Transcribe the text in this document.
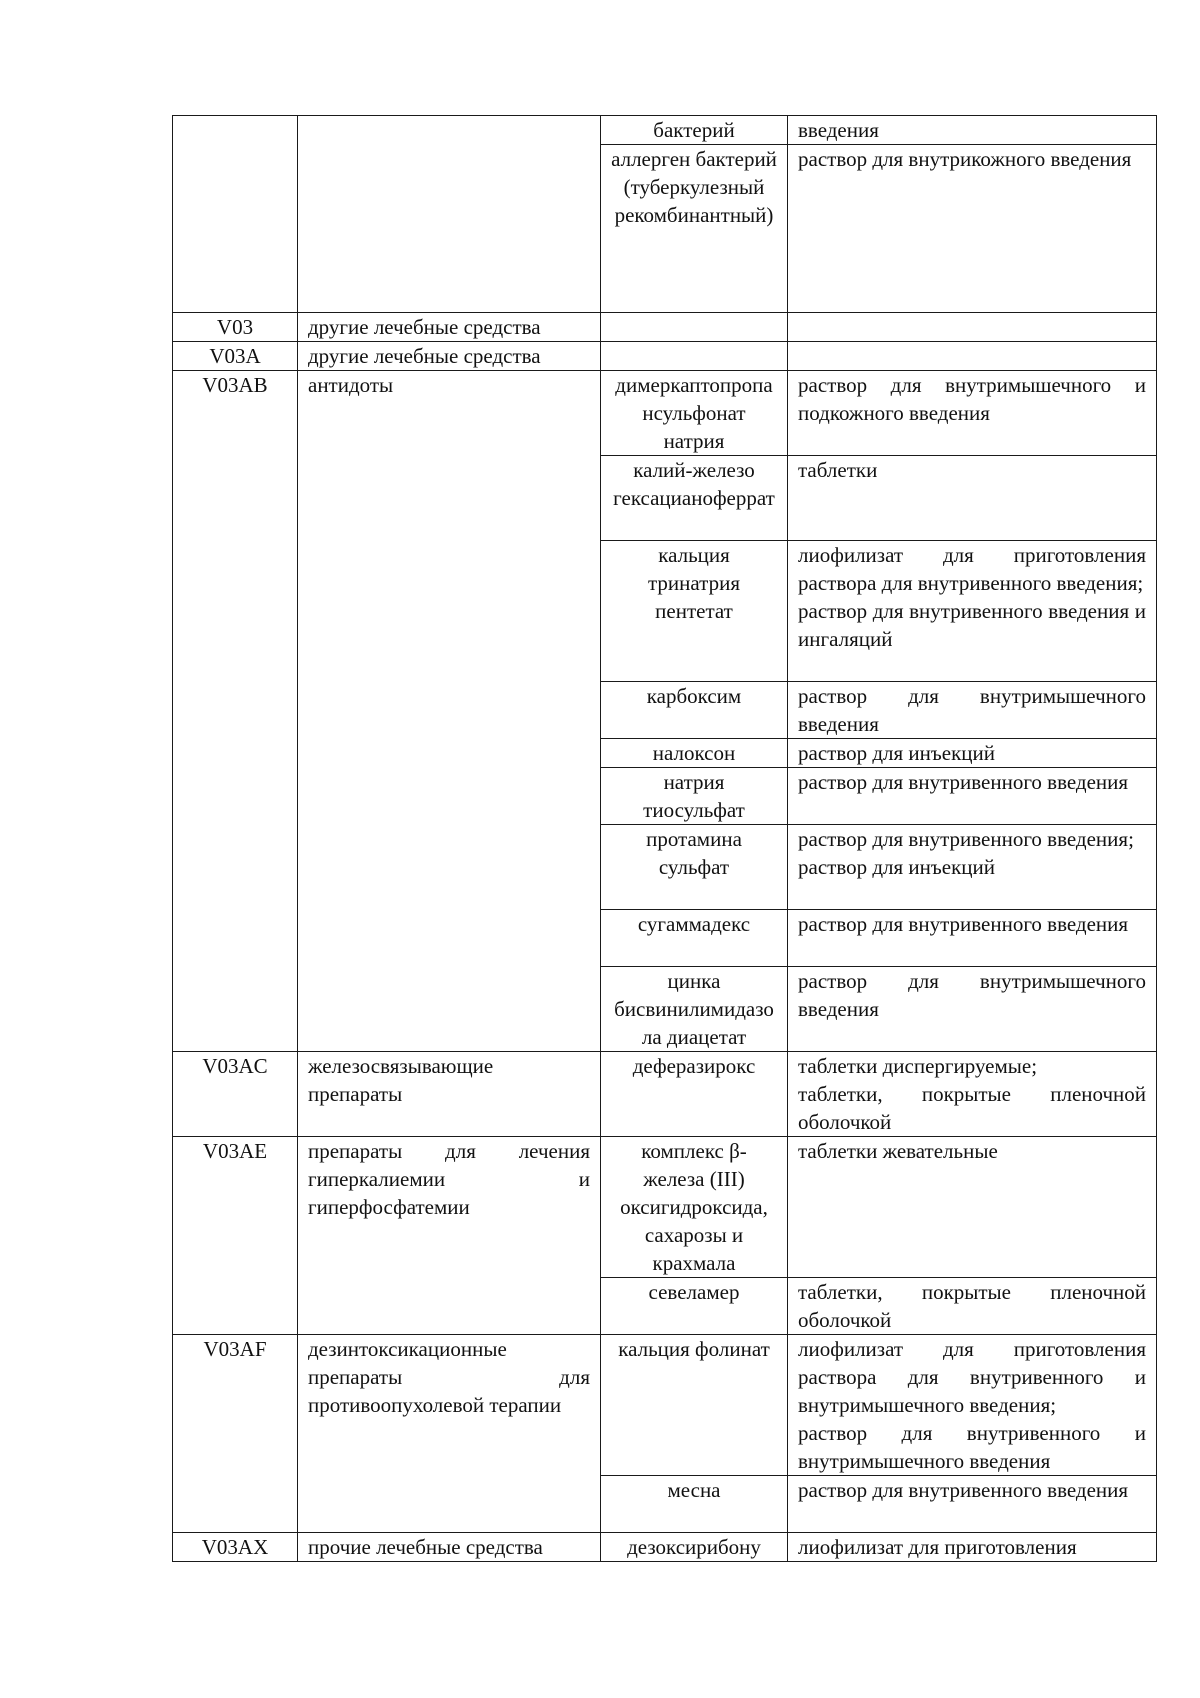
		бактерий	введения

		аллерген бактерий (туберкулезный рекомбинантный)	раствор для внутрикожного введения

V03	другие лечебные средства		
V03A	другие лечебные средства		
V03AB	антидоты	димеркаптопропансульфонат натрия	раствор для внутримышечного и подкожного введения

		калий-железо гексацианоферрат	таблетки

		кальция тринатрия пентетат	лиофилизат для приготовления раствора для внутривенного введения;
раствор для внутривенного введения и ингаляций

		карбоксим	раствор для внутримышечного введения

		налоксон	раствор для инъекций

		натрия тиосульфат	раствор для внутривенного введения

		протамина сульфат	раствор для внутривенного введения;
раствор для инъекций

		сугаммадекс	раствор для внутривенного введения

		цинка бисвинилимидазола диацетат	раствор для внутримышечного введения

V03AC	железосвязывающие препараты	деферазирокс	таблетки диспергируемые;
таблетки, покрытые пленочной оболочкой

V03AE	препараты для лечения гиперкалиемии и гиперфосфатемии	комплекс β-железа (III) оксигидроксида, сахарозы и крахмала	таблетки жевательные

		севеламер	таблетки, покрытые пленочной оболочкой

V03AF	дезинтоксикационные препараты для противоопухолевой терапии	кальция фолинат	лиофилизат для приготовления раствора для внутривенного и внутримышечного введения;
раствор для внутривенного и внутримышечного введения

		месна	раствор для внутривенного введения

V03AX	прочие лечебные средства	дезоксирибону	лиофилизат для приготовления
